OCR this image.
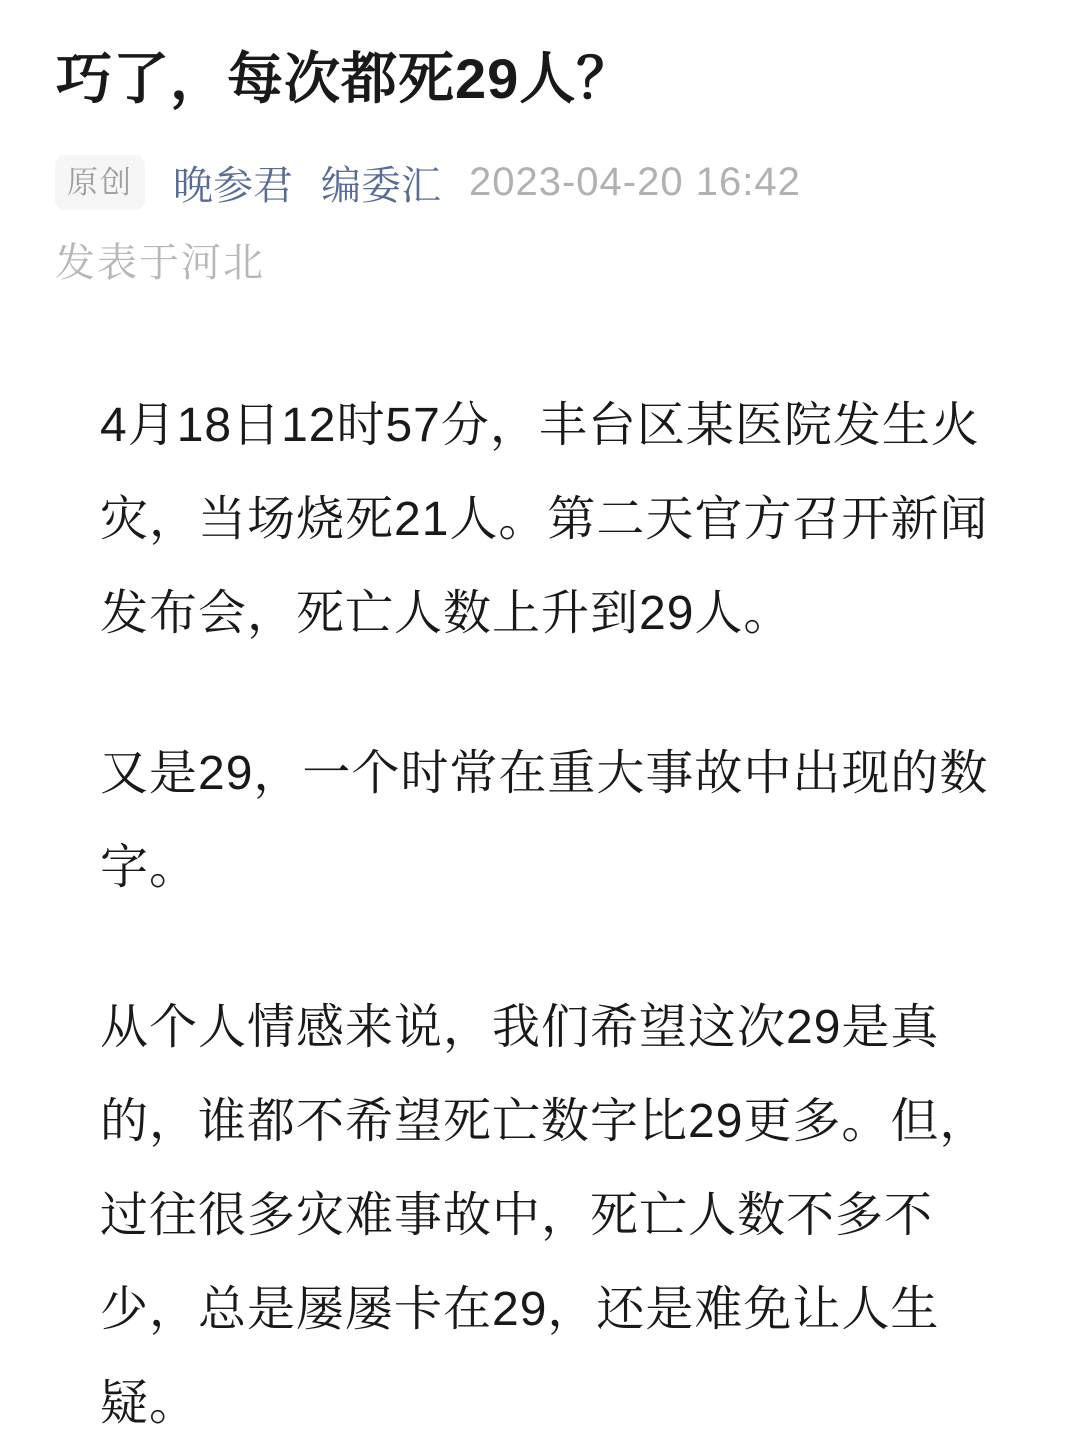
巧了，每次都死29人？
原创	晚参君 编委汇 2023-04-20 16:42
发表于河北

4月18日12时57分，丰台区某医院发生火灾，当场烧死21人。第二天官方召开新闻发布会，死亡人数上升到29人。

又是29，一个时常在重大事故中出现的数字。

从个人情感来说，我们希望这次29是真的，谁都不希望死亡数字比29更多。但，过往很多灾难事故中，死亡人数不多不少，总是屡屡卡在29，还是难免让人生疑。
